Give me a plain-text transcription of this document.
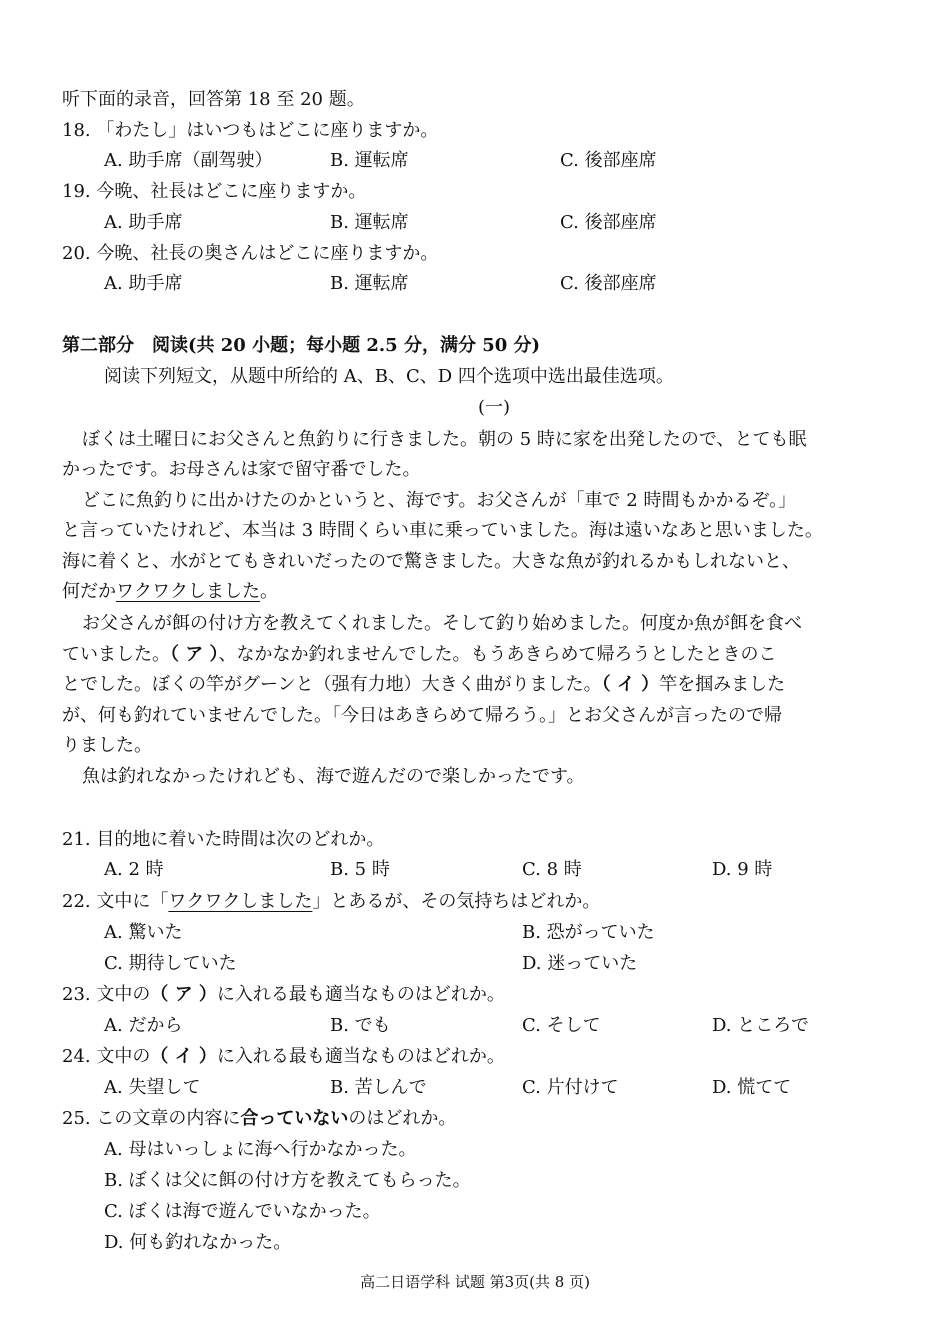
听下面的录音，回答第 18 至 20 题。
18. 「わたし」はいつもはどこに座りますか。
A. 助手席（副驾驶）	B. 運転席	C. 後部座席
19. 今晩、社長はどこに座りますか。
A. 助手席	B. 運転席	C. 後部座席
20. 今晩、社長の奥さんはどこに座りますか。
A. 助手席	B. 運転席	C. 後部座席
第二部分　阅读(共 20 小题；每小题 2.5 分，满分 50 分)
阅读下列短文，从题中所给的 A、B、C、D 四个选项中选出最佳选项。
(一)
ぼくは土曜日にお父さんと魚釣りに行きました。朝の 5 時に家を出発したので、とても眠
かったです。お母さんは家で留守番でした。
どこに魚釣りに出かけたのかというと、海です。お父さんが「車で 2 時間もかかるぞ。」
と言っていたけれど、本当は 3 時間くらい車に乗っていました。海は遠いなあと思いました。
海に着くと、水がとてもきれいだったので驚きました。大きな魚が釣れるかもしれないと、
何だかワクワクしました。
お父さんが餌の付け方を教えてくれました。そして釣り始めました。何度か魚が餌を食べ
ていました。（ ア ）、なかなか釣れませんでした。もうあきらめて帰ろうとしたときのこ
とでした。ぼくの竿がグーンと（强有力地）大きく曲がりました。（ イ ）竿を掴みました
が、何も釣れていませんでした。「今日はあきらめて帰ろう。」とお父さんが言ったので帰
りました。
魚は釣れなかったけれども、海で遊んだので楽しかったです。
21. 目的地に着いた時間は次のどれか。
A. 2 時	B. 5 時	C. 8 時	D. 9 時
22. 文中に「ワクワクしました」とあるが、その気持ちはどれか。
A. 驚いた	B. 恐がっていた
C. 期待していた	D. 迷っていた
23. 文中の（ ア ）に入れる最も適当なものはどれか。
A. だから	B. でも	C. そして	D. ところで
24. 文中の（ イ ）に入れる最も適当なものはどれか。
A. 失望して	B. 苦しんで	C. 片付けて	D. 慌てて
25. この文章の内容に合っていないのはどれか。
A. 母はいっしょに海へ行かなかった。
B. ぼくは父に餌の付け方を教えてもらった。
C. ぼくは海で遊んでいなかった。
D. 何も釣れなかった。
高二日语学科 试题 第3页(共 8 页)
